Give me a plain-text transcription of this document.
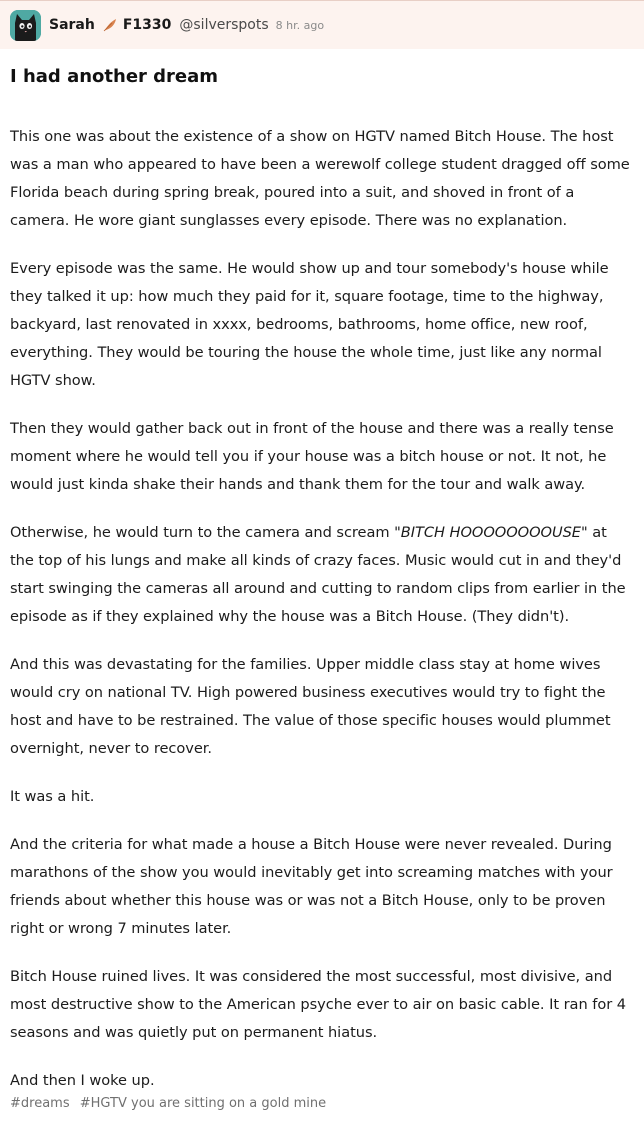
Sarah F1330 @silverspots 8 hr. ago
I had another dream

This one was about the existence of a show on HGTV named Bitch House. The host was a man who appeared to have been a werewolf college student dragged off some Florida beach during spring break, poured into a suit, and shoved in front of a camera. He wore giant sunglasses every episode. There was no explanation.

Every episode was the same. He would show up and tour somebody's house while they talked it up: how much they paid for it, square footage, time to the highway, backyard, last renovated in xxxx, bedrooms, bathrooms, home office, new roof, everything. They would be touring the house the whole time, just like any normal HGTV show.

Then they would gather back out in front of the house and there was a really tense moment where he would tell you if your house was a bitch house or not. It not, he would just kinda shake their hands and thank them for the tour and walk away.

Otherwise, he would turn to the camera and scream "BITCH HOOOOOOOOUSE" at the top of his lungs and make all kinds of crazy faces. Music would cut in and they'd start swinging the cameras all around and cutting to random clips from earlier in the episode as if they explained why the house was a Bitch House. (They didn't).

And this was devastating for the families. Upper middle class stay at home wives would cry on national TV. High powered business executives would try to fight the host and have to be restrained. The value of those specific houses would plummet overnight, never to recover.

It was a hit.

And the criteria for what made a house a Bitch House were never revealed. During marathons of the show you would inevitably get into screaming matches with your friends about whether this house was or was not a Bitch House, only to be proven right or wrong 7 minutes later.

Bitch House ruined lives. It was considered the most successful, most divisive, and most destructive show to the American psyche ever to air on basic cable. It ran for 4 seasons and was quietly put on permanent hiatus.

And then I woke up.

#dreams #HGTV you are sitting on a gold mine
